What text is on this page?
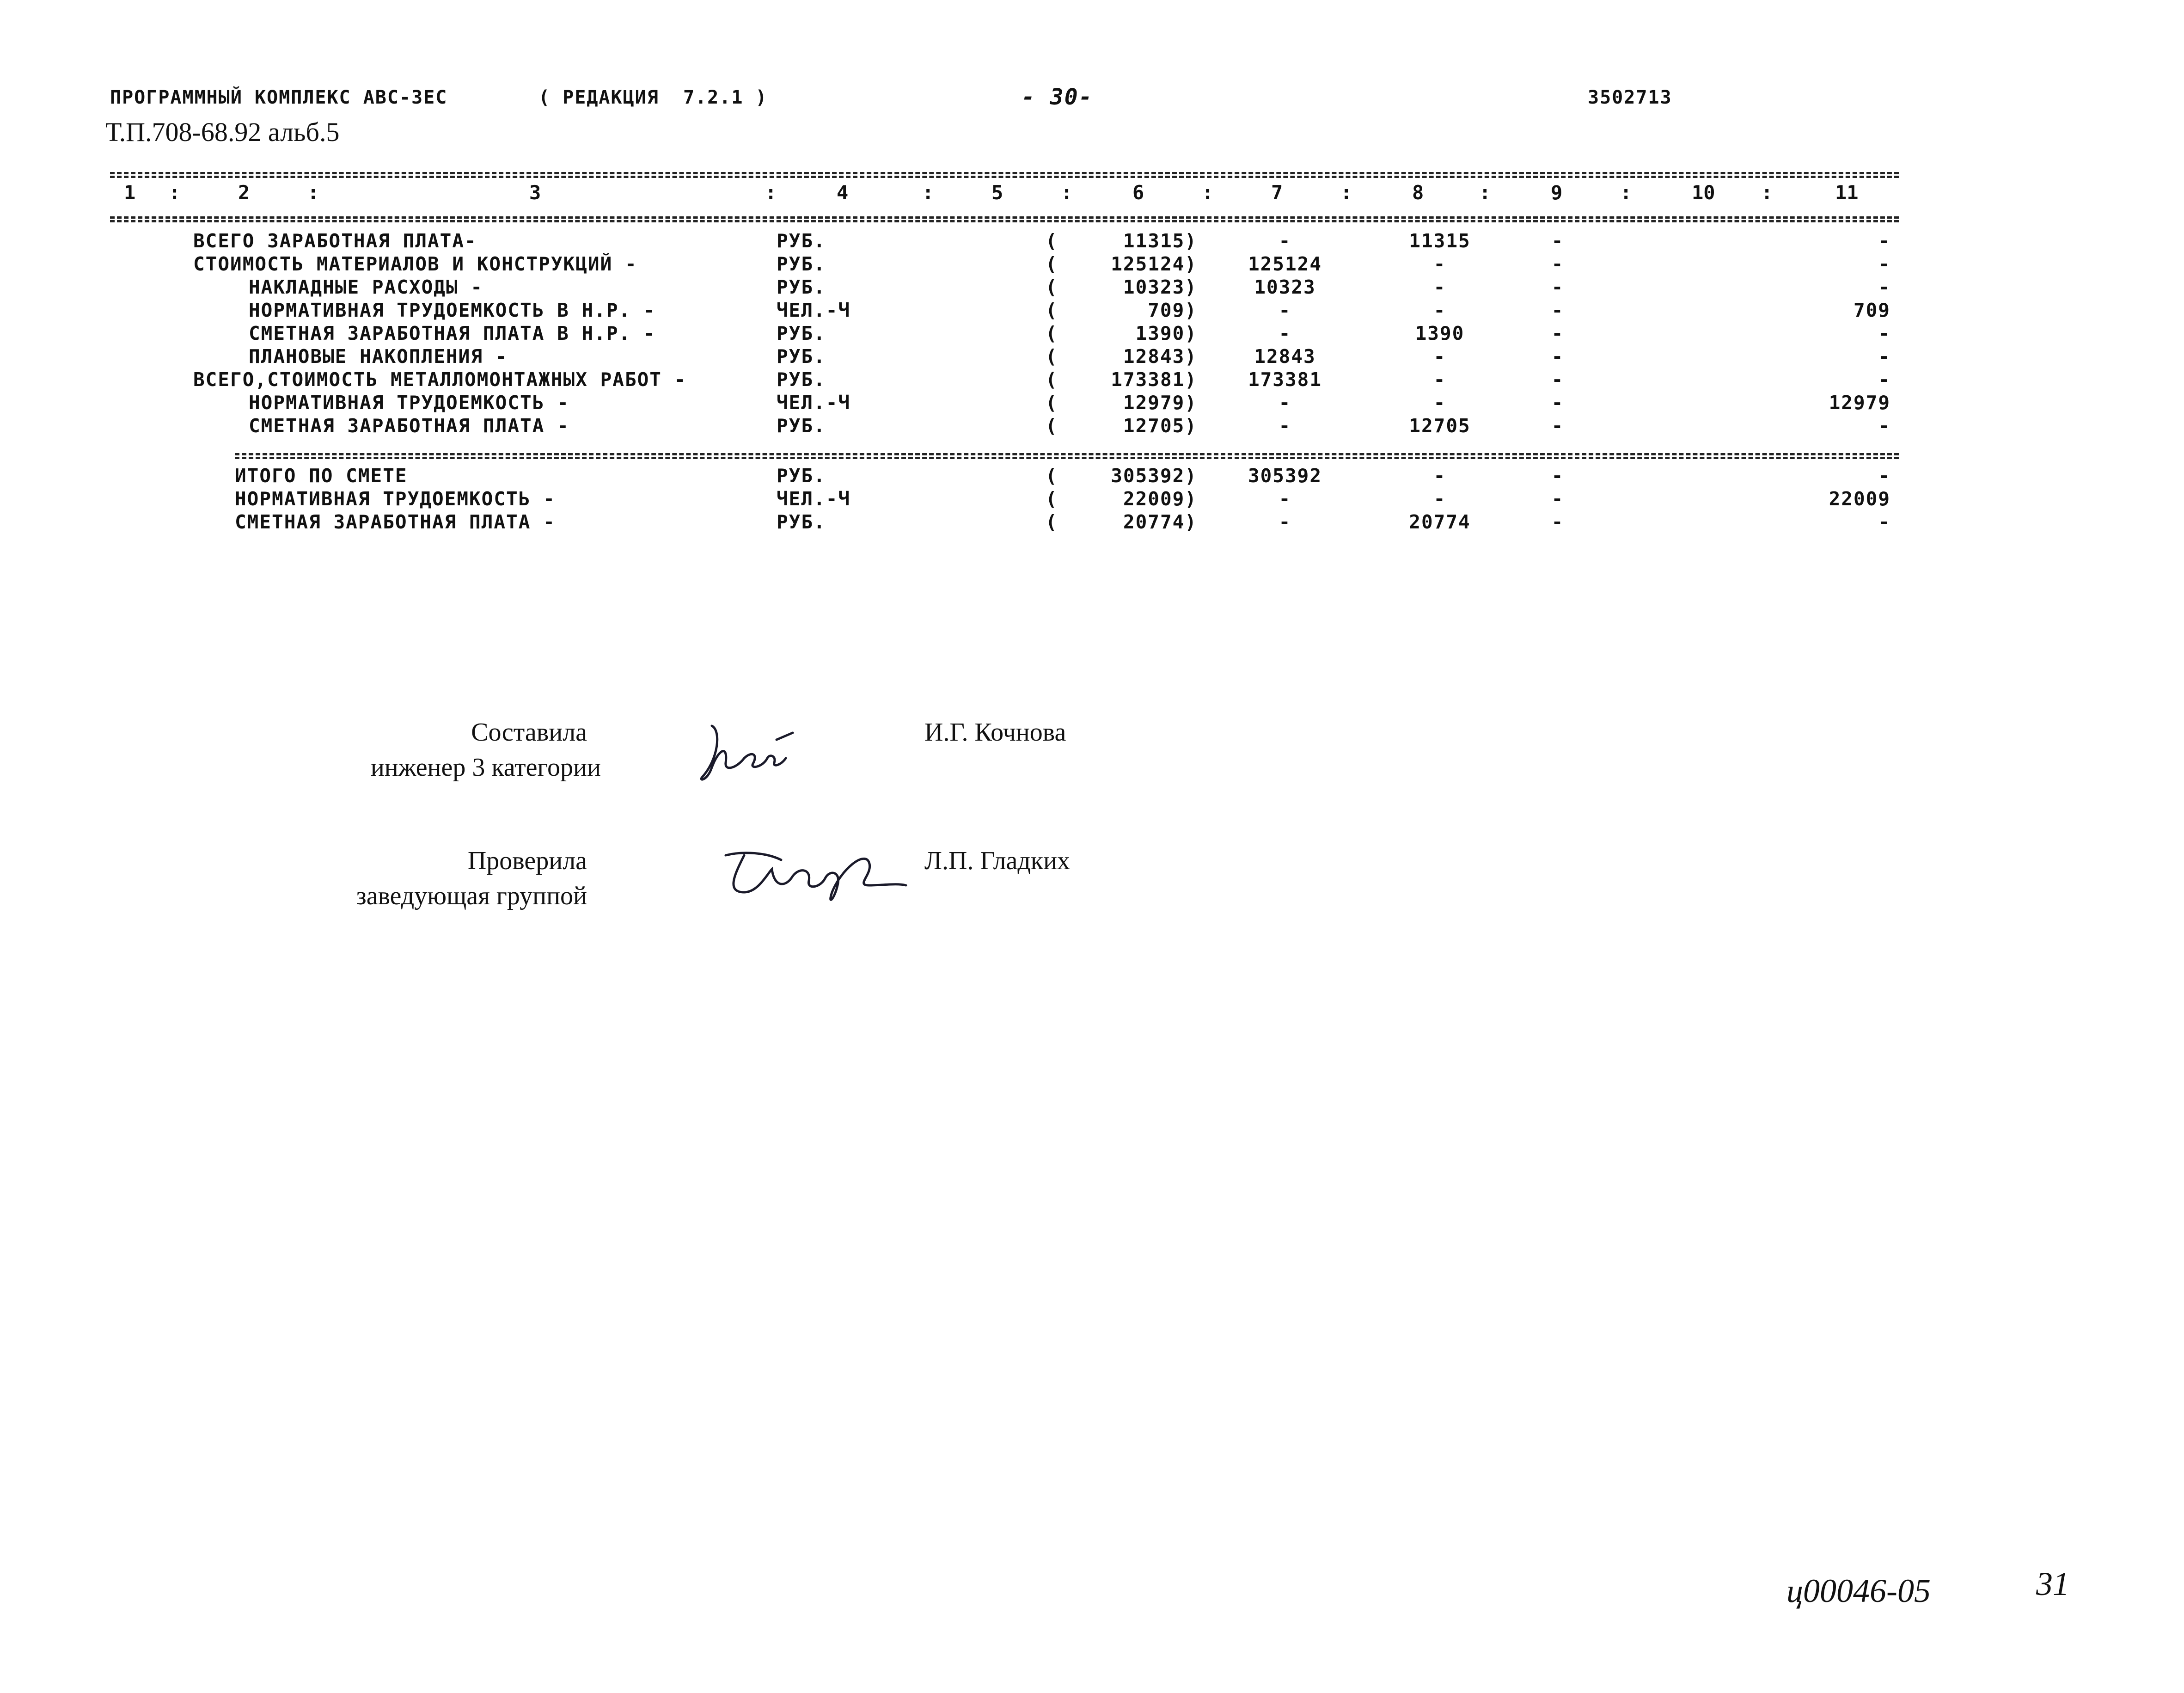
ПРОГРАММНЫЙ КОМПЛЕКС АВС-3ЕС	( РЕДАКЦИЯ  7.2.1 )	- 30-	3502713
Т.П.708-68.92 альб.5
1	2	3	4	5	6	7	8	9	10	11
:	:	:	:	:	:	:	:	:	:
ВСЕГО ЗАРАБОТНАЯ ПЛАТА-	РУБ.	(	11315)	-	11315	-	-
СТОИМОСТЬ МАТЕРИАЛОВ И КОНСТРУКЦИЙ -	РУБ.	(	125124)	125124	-	-	-
НАКЛАДНЫЕ РАСХОДЫ -	РУБ.	(	10323)	10323	-	-	-
НОРМАТИВНАЯ ТРУДОЕМКОСТЬ В Н.Р. -	ЧЕЛ.-Ч	(	709)	-	-	-	709
СМЕТНАЯ ЗАРАБОТНАЯ ПЛАТА В Н.Р. -	РУБ.	(	1390)	-	1390	-	-
ПЛАНОВЫЕ НАКОПЛЕНИЯ -	РУБ.	(	12843)	12843	-	-	-
ВСЕГО,СТОИМОСТЬ МЕТАЛЛОМОНТАЖНЫХ РАБОТ -	РУБ.	(	173381)	173381	-	-	-
НОРМАТИВНАЯ ТРУДОЕМКОСТЬ -	ЧЕЛ.-Ч	(	12979)	-	-	-	12979
СМЕТНАЯ ЗАРАБОТНАЯ ПЛАТА -	РУБ.	(	12705)	-	12705	-	-
ИТОГО ПО СМЕТЕ	РУБ.	(	305392)	305392	-	-	-
НОРМАТИВНАЯ ТРУДОЕМКОСТЬ -	ЧЕЛ.-Ч	(	22009)	-	-	-	22009
СМЕТНАЯ ЗАРАБОТНАЯ ПЛАТА -	РУБ.	(	20774)	-	20774	-	-
Составила
инженер 3 категории
И.Г. Кочнова
Проверила
заведующая группой
Л.П. Гладких
ц00046-05	31
